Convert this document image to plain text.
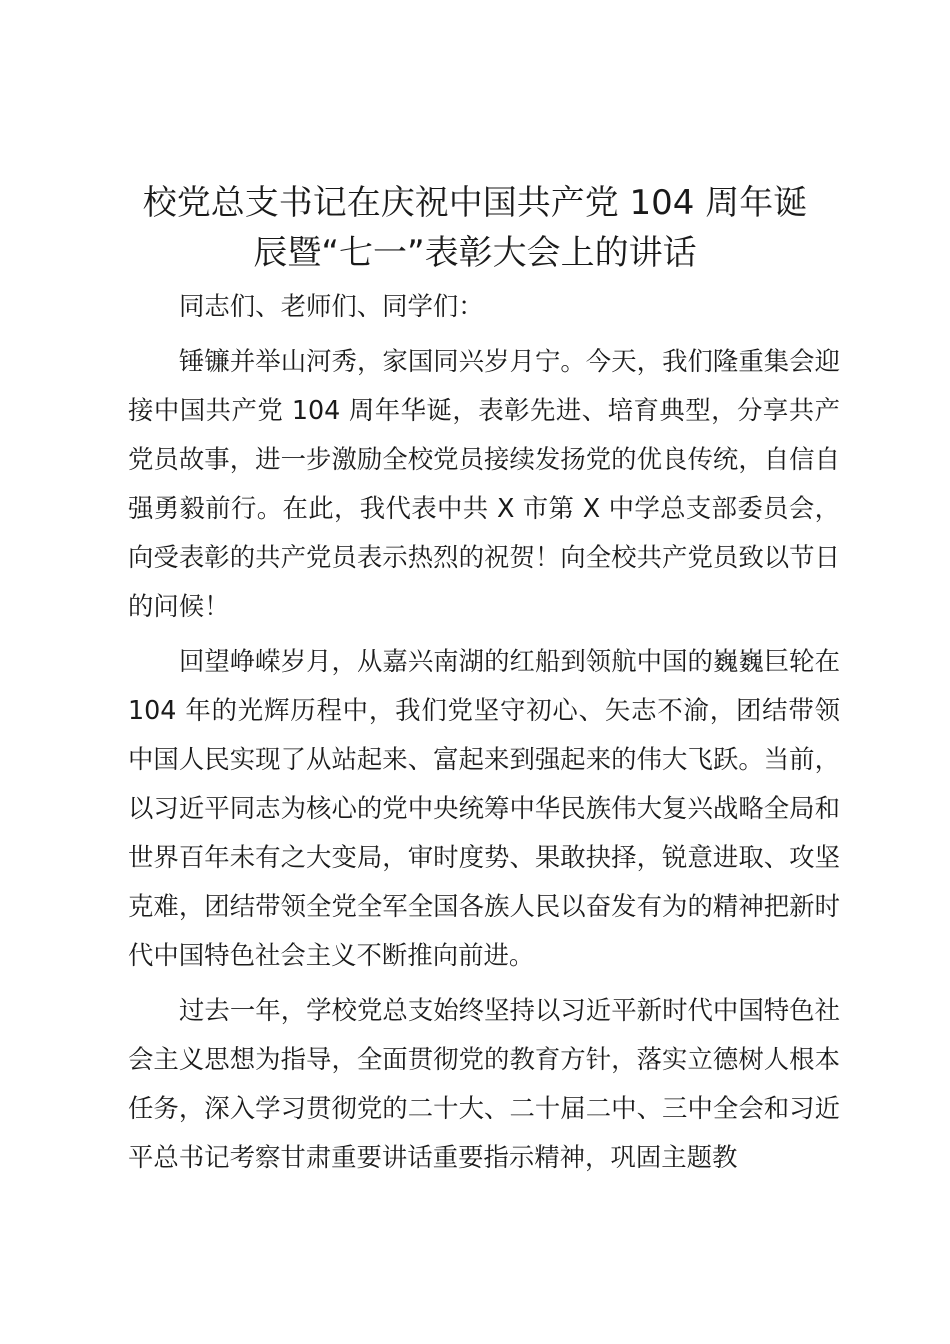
校党总支书记在庆祝中国共产党 104 周年诞
辰暨“七一”表彰大会上的讲话

同志们、老师们、同学们：

锤镰并举山河秀，家国同兴岁月宁。今天，我们隆重集会迎接中国共产党 104 周年华诞，表彰先进、培育典型，分享共产党员故事，进一步激励全校党员接续发扬党的优良传统，自信自强勇毅前行。在此，我代表中共 X 市第 X 中学总支部委员会，向受表彰的共产党员表示热烈的祝贺！向全校共产党员致以节日的问候！

回望峥嵘岁月，从嘉兴南湖的红船到领航中国的巍巍巨轮在 104 年的光辉历程中，我们党坚守初心、矢志不渝，团结带领中国人民实现了从站起来、富起来到强起来的伟大飞跃。当前，以习近平同志为核心的党中央统筹中华民族伟大复兴战略全局和世界百年未有之大变局，审时度势、果敢抉择，锐意进取、攻坚克难，团结带领全党全军全国各族人民以奋发有为的精神把新时代中国特色社会主义不断推向前进。

过去一年，学校党总支始终坚持以习近平新时代中国特色社会主义思想为指导，全面贯彻党的教育方针，落实立德树人根本任务，深入学习贯彻党的二十大、二十届二中、三中全会和习近平总书记考察甘肃重要讲话重要指示精神，巩固主题教
